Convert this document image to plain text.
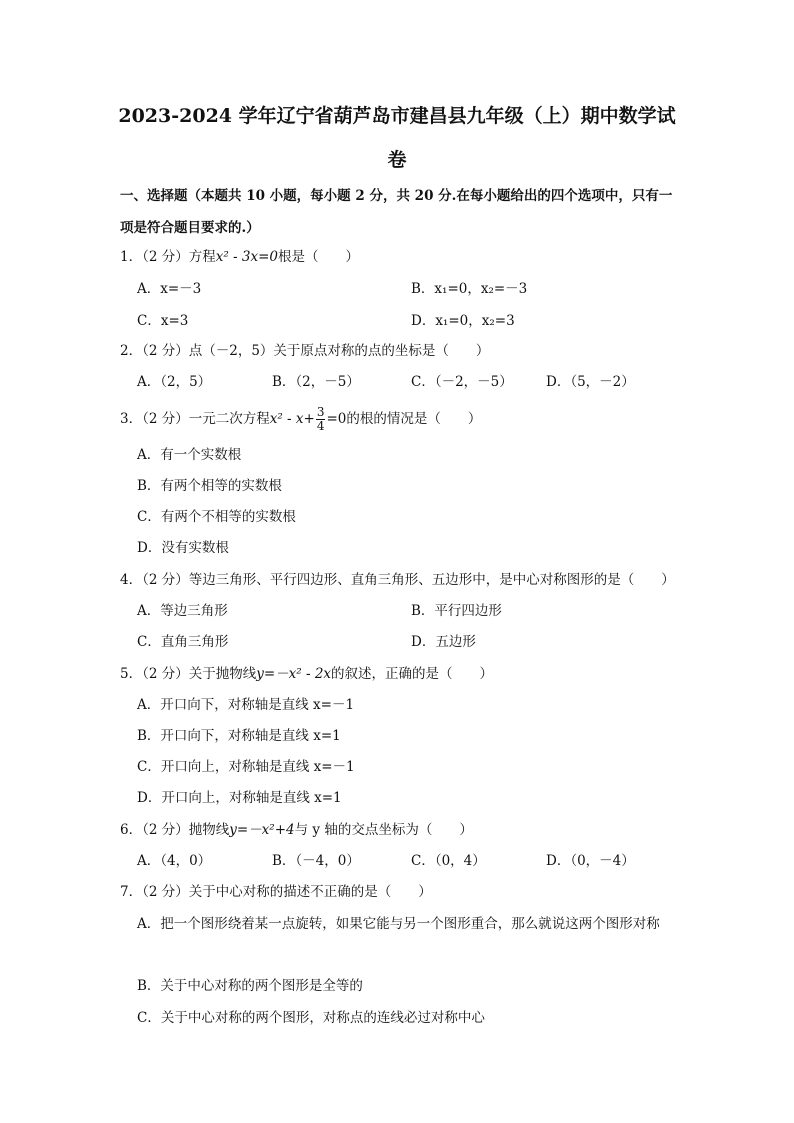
2023-2024 学年辽宁省葫芦岛市建昌县九年级（上）期中数学试
卷
一、选择题（本题共 10 小题，每小题 2 分，共 20 分.在每小题给出的四个选项中，只有一
项是符合题目要求的.）
1．（2 分）方程x² - 3x=0根是（　　）
A．x=－3	B．x₁=0，x₂=－3
C．x=3	D．x₁=0，x₂=3
2．（2 分）点（－2，5）关于原点对称的点的坐标是（　　）
A．（2，5）	B．（2，－5）	C．（－2，－5） D．（5，－2）
3．（2 分）一元二次方程$x^2 - x+ \frac{3}{4} =0$的根的情况是（　　）
A．有一个实数根
B．有两个相等的实数根
C．有两个不相等的实数根
D．没有实数根
4．（2 分）等边三角形、平行四边形、直角三角形、五边形中，是中心对称图形的是（　　）
A．等边三角形	B．平行四边形
C．直角三角形	D．五边形
5．（2 分）关于抛物线y=－x² - 2x的叙述，正确的是（　　）
A．开口向下，对称轴是直线 x=－1
B．开口向下，对称轴是直线 x=1
C．开口向上，对称轴是直线 x=－1
D．开口向上，对称轴是直线 x=1
6．（2 分）抛物线y=－x²+4与 y 轴的交点坐标为（　　）
A．（4，0）	B．（－4，0）	C．（0，4）	D．（0，－4）
7．（2 分）关于中心对称的描述不正确的是（　　）
A．把一个图形绕着某一点旋转，如果它能与另一个图形重合，那么就说这两个图形对称
B．关于中心对称的两个图形是全等的
C．关于中心对称的两个图形，对称点的连线必过对称中心
